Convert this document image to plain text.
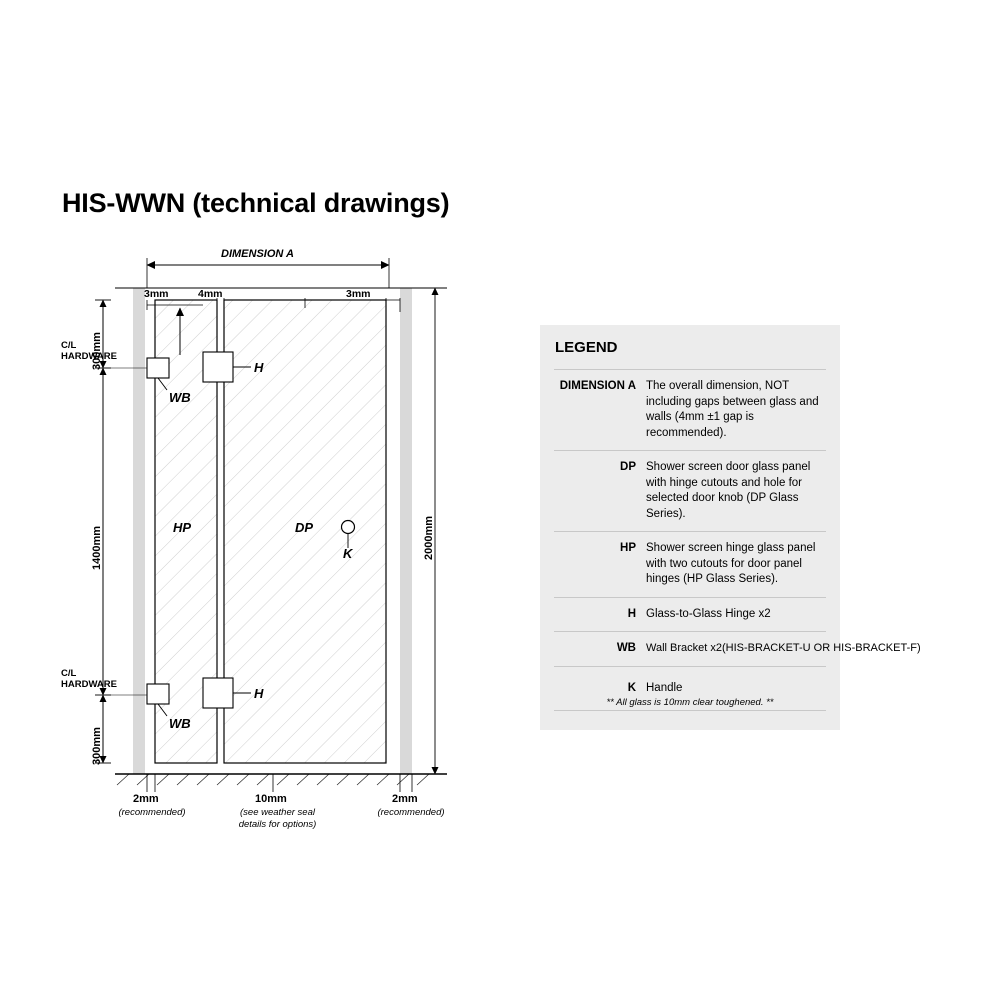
HIS-WWN (technical drawings)
DIMENSION A
3mm	4mm	3mm
C/L
HARDWARE
300mm
1400mm
C/L
HARDWARE
300mm
2000mm
HP	DP
H
H
WB
WB
K
2mm
(recommended)
10mm
(see weather seal
details for options)
2mm
(recommended)
LEGEND
DIMENSION A The overall dimension, NOT including gaps between glass and walls (4mm ±1 gap is recommended).
DP Shower screen door glass panel with hinge cutouts and hole for selected door knob (DP Glass Series).
HP Shower screen hinge glass panel with two cutouts for door panel hinges (HP Glass Series).
H Glass-to-Glass Hinge x2
WB Wall Bracket x2(HIS-BRACKET-U OR HIS-BRACKET-F)
K Handle
** All glass is 10mm clear toughened. **
